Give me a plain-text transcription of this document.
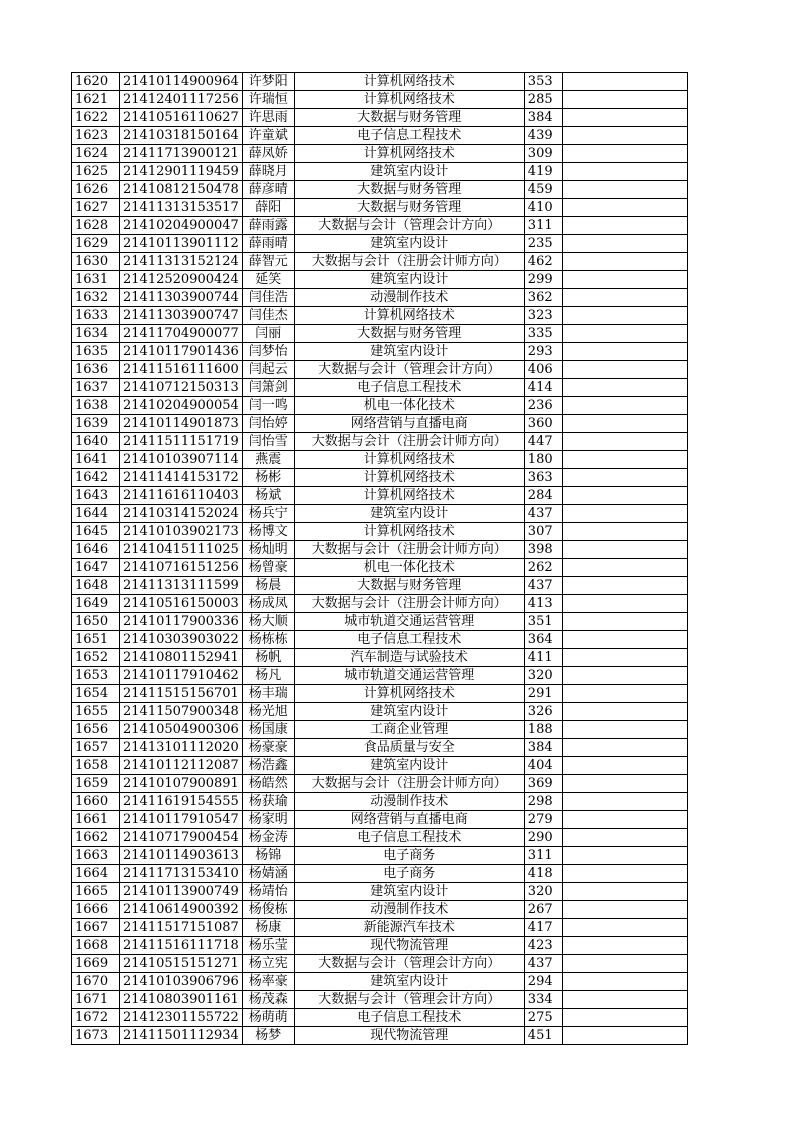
1620	21410114900964	许梦阳	计算机网络技术	353	
1621	21412401117256	许瑞恒	计算机网络技术	285	
1622	21410516110627	许思雨	大数据与财务管理	384	
1623	21410318150164	许童斌	电子信息工程技术	439	
1624	21411713900121	薛凤娇	计算机网络技术	309	
1625	21412901119459	薛晓月	建筑室内设计	419	
1626	21410812150478	薛彦晴	大数据与财务管理	459	
1627	21411313153517	薛阳	大数据与财务管理	410	
1628	21410204900047	薛雨露	大数据与会计（管理会计方向）	311	
1629	21410113901112	薛雨晴	建筑室内设计	235	
1630	21411313152124	薛智元	大数据与会计（注册会计师方向）	462	
1631	21412520900424	延笑	建筑室内设计	299	
1632	21411303900744	闫佳浩	动漫制作技术	362	
1633	21411303900747	闫佳杰	计算机网络技术	323	
1634	21411704900077	闫丽	大数据与财务管理	335	
1635	21410117901436	闫梦怡	建筑室内设计	293	
1636	21411516111600	闫起云	大数据与会计（管理会计方向）	406	
1637	21410712150313	闫箫剑	电子信息工程技术	414	
1638	21410204900054	闫一鸣	机电一体化技术	236	
1639	21410114901873	闫怡婷	网络营销与直播电商	360	
1640	21411511151719	闫怡雪	大数据与会计（注册会计师方向）	447	
1641	21410103907114	燕震	计算机网络技术	180	
1642	21411414153172	杨彬	计算机网络技术	363	
1643	21411616110403	杨斌	计算机网络技术	284	
1644	21410314152024	杨兵宁	建筑室内设计	437	
1645	21410103902173	杨博文	计算机网络技术	307	
1646	21410415111025	杨灿明	大数据与会计（注册会计师方向）	398	
1647	21410716151256	杨曾豪	机电一体化技术	262	
1648	21411313111599	杨晨	大数据与财务管理	437	
1649	21410516150003	杨成凤	大数据与会计（注册会计师方向）	413	
1650	21410117900336	杨大顺	城市轨道交通运营管理	351	
1651	21410303903022	杨栋栋	电子信息工程技术	364	
1652	21410801152941	杨帆	汽车制造与试验技术	411	
1653	21410117910462	杨凡	城市轨道交通运营管理	320	
1654	21411515156701	杨丰瑞	计算机网络技术	291	
1655	21411507900348	杨光旭	建筑室内设计	326	
1656	21410504900306	杨国康	工商企业管理	188	
1657	21413101112020	杨豪豪	食品质量与安全	384	
1658	21410112112087	杨浩鑫	建筑室内设计	404	
1659	21410107900891	杨皓然	大数据与会计（注册会计师方向）	369	
1660	21411619154555	杨获瑜	动漫制作技术	298	
1661	21410117910547	杨家明	网络营销与直播电商	279	
1662	21410717900454	杨金涛	电子信息工程技术	290	
1663	21410114903613	杨锦	电子商务	311	
1664	21411713153410	杨婧涵	电子商务	418	
1665	21410113900749	杨靖怡	建筑室内设计	320	
1666	21410614900392	杨俊栋	动漫制作技术	267	
1667	21411517151087	杨康	新能源汽车技术	417	
1668	21411516111718	杨乐莹	现代物流管理	423	
1669	21410515151271	杨立宪	大数据与会计（管理会计方向）	437	
1670	21410103906796	杨率豪	建筑室内设计	294	
1671	21410803901161	杨茂森	大数据与会计（管理会计方向）	334	
1672	21412301155722	杨萌萌	电子信息工程技术	275	
1673	21411501112934	杨梦	现代物流管理	451	
